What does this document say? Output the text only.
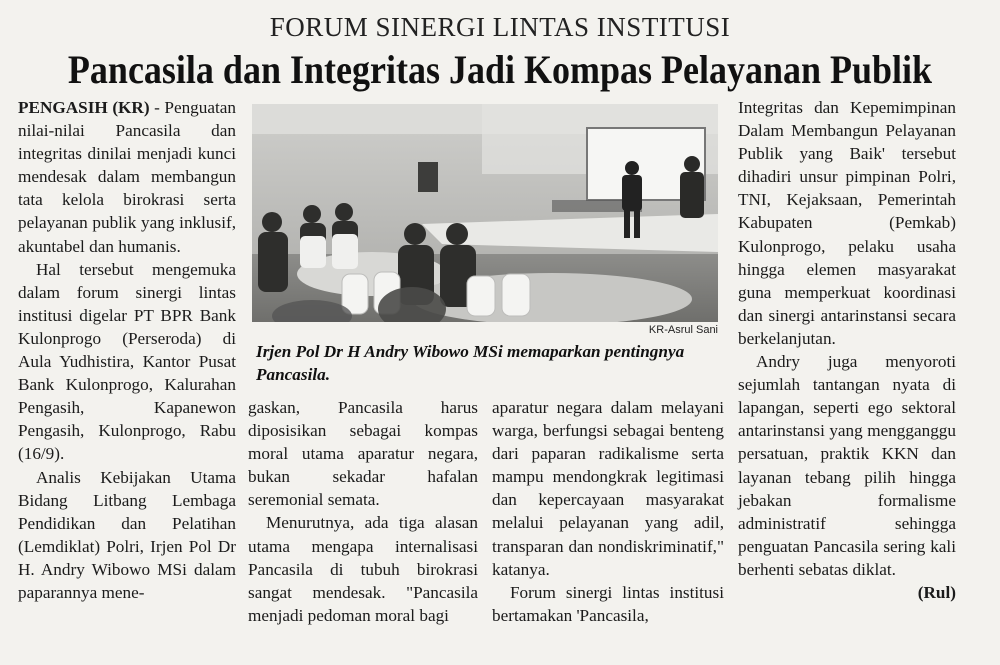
FORUM SINERGI LINTAS INSTITUSI
Pancasila dan Integritas Jadi Kompas Pelayanan Publik

PENGASIH (KR) - Penguatan nilai-nilai Pancasila dan integritas dinilai menjadi kunci mendesak dalam membangun tata kelola birokrasi serta pelayanan publik yang inklusif, akuntabel dan humanis.

Hal tersebut mengemuka dalam forum sinergi lintas institusi digelar PT BPR Bank Kulonprogo (Perseroda) di Aula Yudhistira, Kantor Pusat Bank Kulonprogo, Kalurahan Pengasih, Kapanewon Pengasih, Kulonprogo, Rabu (16/9).

Analis Kebijakan Utama Bidang Litbang Lembaga Pendidikan dan Pelatihan (Lemdiklat) Polri, Irjen Pol Dr H. Andry Wibowo MSi dalam paparannya mene-

KR-Asrul Sani
Irjen Pol Dr H Andry Wibowo MSi memaparkan pentingnya Pancasila.

gaskan, Pancasila harus diposisikan sebagai kompas moral utama aparatur negara, bukan sekadar hafalan seremonial semata.

Menurutnya, ada tiga alasan utama mengapa internalisasi Pancasila di tubuh birokrasi sangat mendesak. "Pancasila menjadi pedoman moral bagi

aparatur negara dalam melayani warga, berfungsi sebagai benteng dari paparan radikalisme serta mampu mendongkrak legitimasi dan kepercayaan masyarakat melalui pelayanan yang adil, transparan dan nondiskriminatif," katanya.

Forum sinergi lintas institusi bertamakan 'Pancasila,

Integritas dan Kepemimpinan Dalam Membangun Pelayanan Publik yang Baik' tersebut dihadiri unsur pimpinan Polri, TNI, Kejaksaan, Pemerintah Kabupaten (Pemkab) Kulonprogo, pelaku usaha hingga elemen masyarakat guna memperkuat koordinasi dan sinergi antarinstansi secara berkelanjutan.

Andry juga menyoroti sejumlah tantangan nyata di lapangan, seperti ego sektoral antarinstansi yang mengganggu persatuan, praktik KKN dan layanan tebang pilih hingga jebakan formalisme administratif sehingga penguatan Pancasila sering kali berhenti sebatas diklat.

(Rul)
